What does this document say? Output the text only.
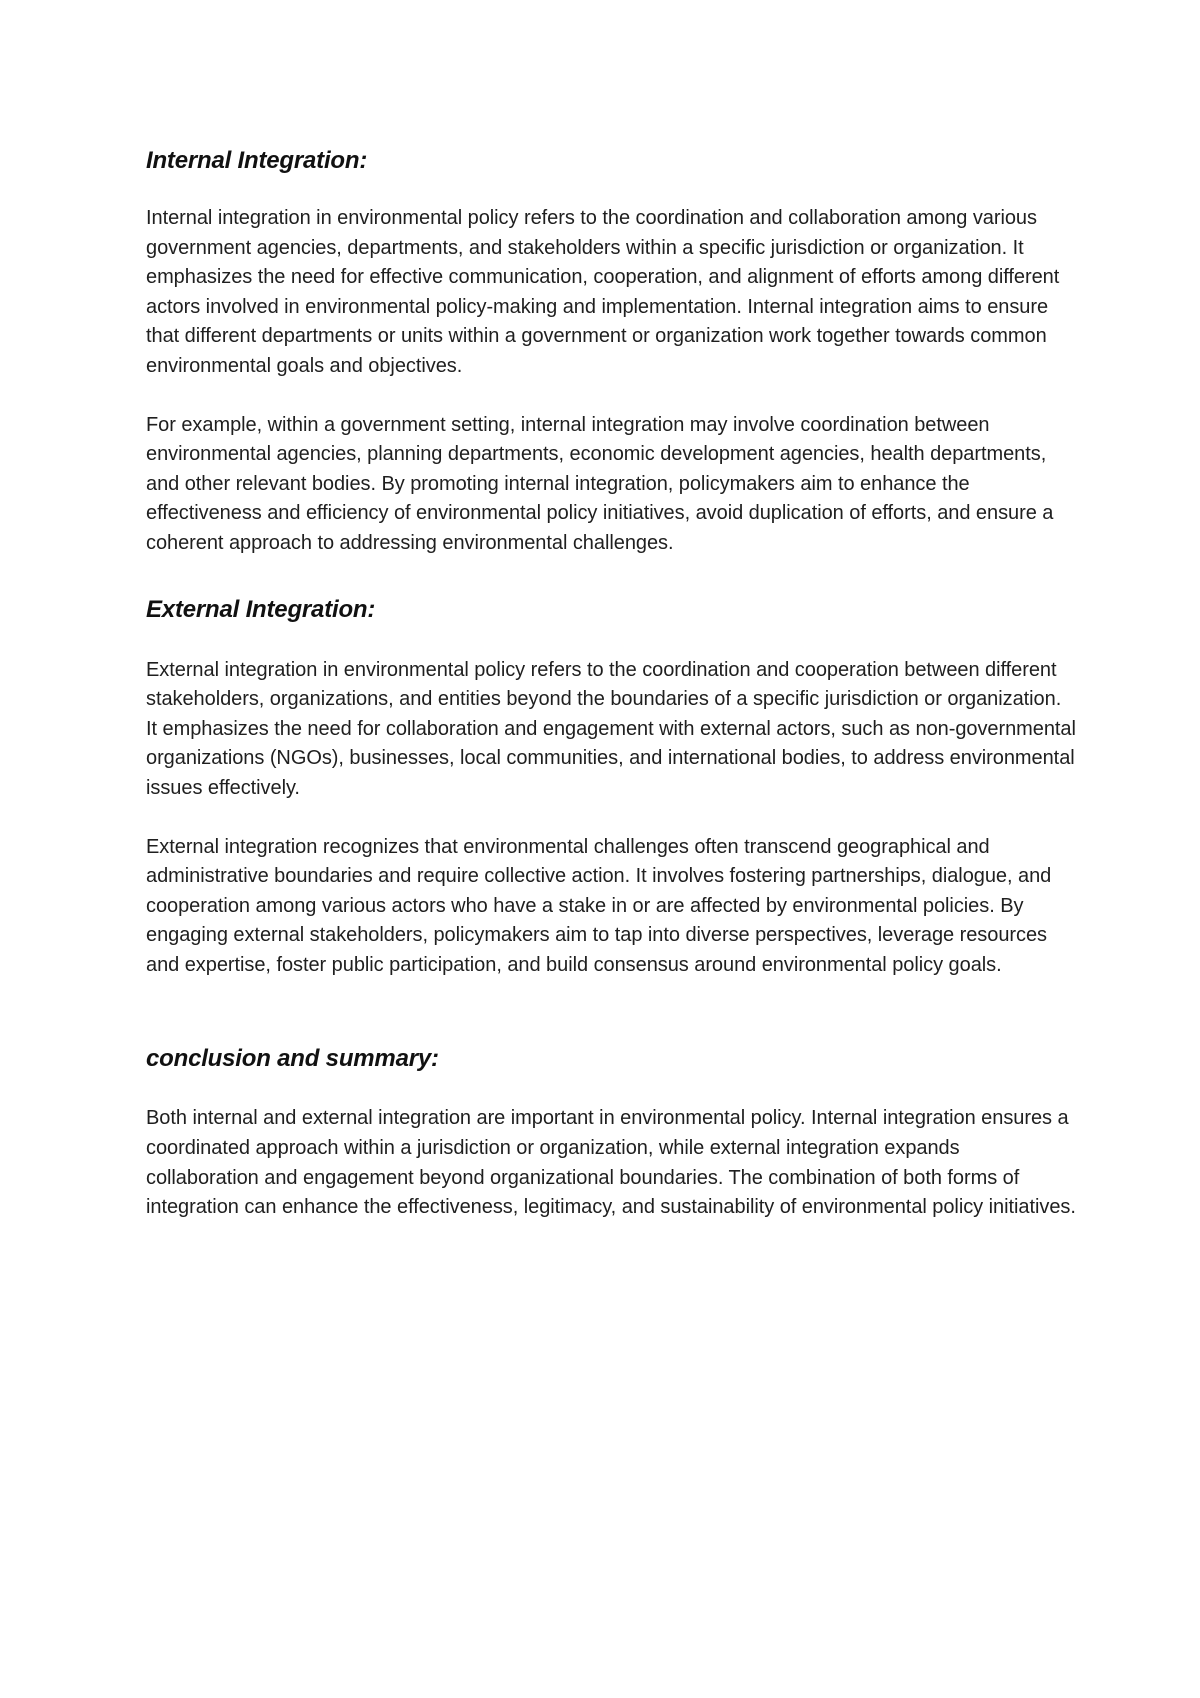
Internal Integration:

Internal integration in environmental policy refers to the coordination and collaboration among various government agencies, departments, and stakeholders within a specific jurisdiction or organization. It emphasizes the need for effective communication, cooperation, and alignment of efforts among different actors involved in environmental policy-making and implementation. Internal integration aims to ensure that different departments or units within a government or organization work together towards common environmental goals and objectives.

For example, within a government setting, internal integration may involve coordination between environmental agencies, planning departments, economic development agencies, health departments, and other relevant bodies. By promoting internal integration, policymakers aim to enhance the effectiveness and efficiency of environmental policy initiatives, avoid duplication of efforts, and ensure a coherent approach to addressing environmental challenges.

External Integration:

External integration in environmental policy refers to the coordination and cooperation between different stakeholders, organizations, and entities beyond the boundaries of a specific jurisdiction or organization. It emphasizes the need for collaboration and engagement with external actors, such as non-governmental organizations (NGOs), businesses, local communities, and international bodies, to address environmental issues effectively.

External integration recognizes that environmental challenges often transcend geographical and administrative boundaries and require collective action. It involves fostering partnerships, dialogue, and cooperation among various actors who have a stake in or are affected by environmental policies. By engaging external stakeholders, policymakers aim to tap into diverse perspectives, leverage resources and expertise, foster public participation, and build consensus around environmental policy goals.

conclusion and summary:

Both internal and external integration are important in environmental policy. Internal integration ensures a coordinated approach within a jurisdiction or organization, while external integration expands collaboration and engagement beyond organizational boundaries. The combination of both forms of integration can enhance the effectiveness, legitimacy, and sustainability of environmental policy initiatives.
